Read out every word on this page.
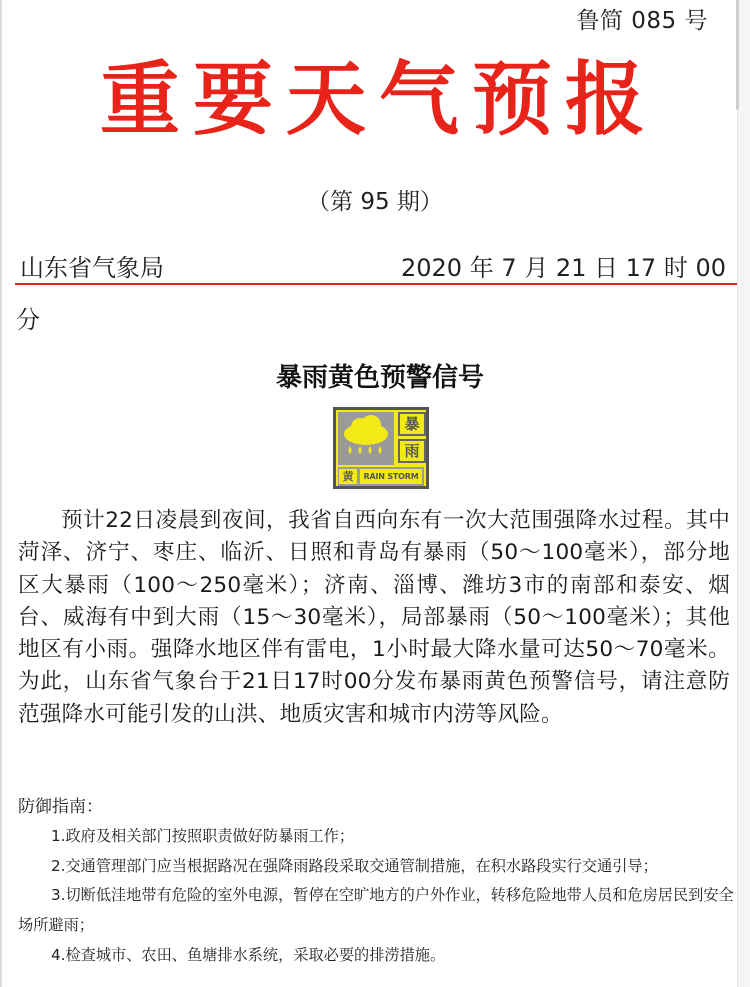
鲁简 085 号
重要天气预报
（第 95 期）
山东省气象局	2020 年 7 月 21 日 17 时 00
分
暴雨黄色预警信号
暴
雨
黄	RAIN STORM

预计22日凌晨到夜间，我省自西向东有一次大范围强降水过程。其中菏泽、济宁、枣庄、临沂、日照和青岛有暴雨（50～100毫米），部分地区大暴雨（100～250毫米）；济南、淄博、潍坊3市的南部和泰安、烟台、威海有中到大雨（15～30毫米），局部暴雨（50～100毫米）；其他地区有小雨。强降水地区伴有雷电，1小时最大降水量可达50～70毫米。为此，山东省气象台于21日17时00分发布暴雨黄色预警信号，请注意防范强降水可能引发的山洪、地质灾害和城市内涝等风险。

防御指南：
1.政府及相关部门按照职责做好防暴雨工作；
2.交通管理部门应当根据路况在强降雨路段采取交通管制措施，在积水路段实行交通引导；
3.切断低洼地带有危险的室外电源，暂停在空旷地方的户外作业，转移危险地带人员和危房居民到安全场所避雨；
4.检查城市、农田、鱼塘排水系统，采取必要的排涝措施。
